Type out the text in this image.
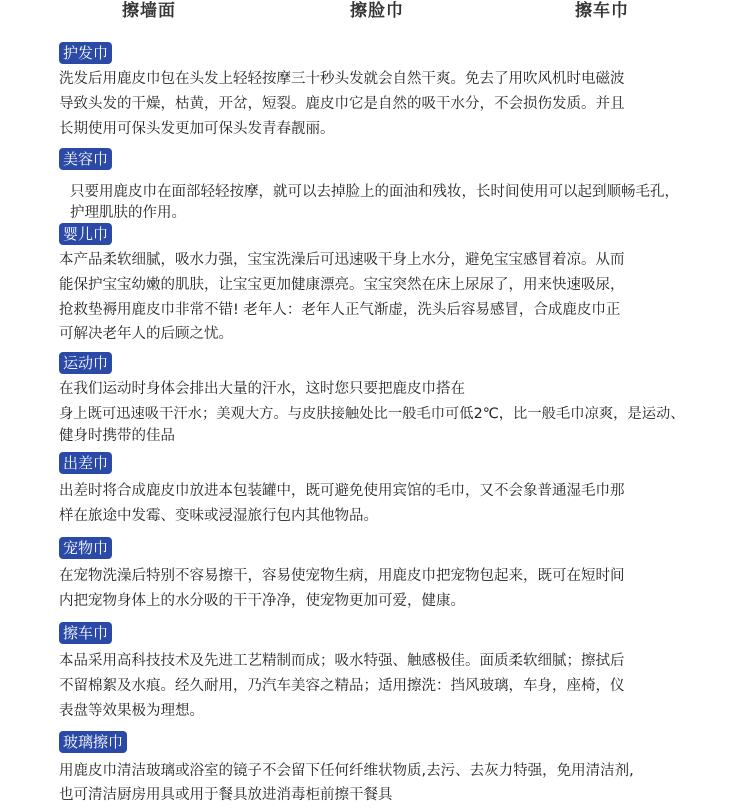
擦墙面	擦脸巾	擦车巾
护发巾
洗发后用鹿皮巾包在头发上轻轻按摩三十秒头发就会自然干爽。免去了用吹风机时电磁波
导致头发的干燥，枯黄，开岔，短裂。鹿皮巾它是自然的吸干水分，不会损伤发质。并且
长期使用可保头发更加可保头发青春靓丽。
美容巾
只要用鹿皮巾在面部轻轻按摩，就可以去掉脸上的面油和残妆，长时间使用可以起到顺畅毛孔，
护理肌肤的作用。
婴儿巾
本产品柔软细腻，吸水力强，宝宝洗澡后可迅速吸干身上水分，避免宝宝感冒着凉。从而
能保护宝宝幼嫩的肌肤，让宝宝更加健康漂亮。宝宝突然在床上尿尿了，用来快速吸尿，
抢救垫褥用鹿皮巾非常不错! 老年人：老年人正气渐虚，洗头后容易感冒，合成鹿皮巾正
可解决老年人的后顾之忧。
运动巾
在我们运动时身体会排出大量的汗水，这时您只要把鹿皮巾搭在
身上既可迅速吸干汗水；美观大方。与皮肤接触处比一般毛巾可低2℃，比一般毛巾凉爽，是运动、
健身时携带的佳品
出差巾
出差时将合成鹿皮巾放进本包装罐中，既可避免使用宾馆的毛巾，又不会象普通湿毛巾那
样在旅途中发霉、变味或浸湿旅行包内其他物品。
宠物巾
在宠物洗澡后特别不容易擦干，容易使宠物生病，用鹿皮巾把宠物包起来，既可在短时间
内把宠物身体上的水分吸的干干净净，使宠物更加可爱，健康。
擦车巾
本品采用高科技技术及先进工艺精制而成；吸水特强、触感极佳。面质柔软细腻；擦拭后
不留棉絮及水痕。经久耐用，乃汽车美容之精品；适用擦洗：挡风玻璃，车身，座椅，仪
表盘等效果极为理想。
玻璃擦巾
用鹿皮巾清洁玻璃或浴室的镜子不会留下任何纤维状物质,去污、去灰力特强，免用清洁剂,
也可清洁厨房用具或用于餐具放进消毒柜前擦干餐具
